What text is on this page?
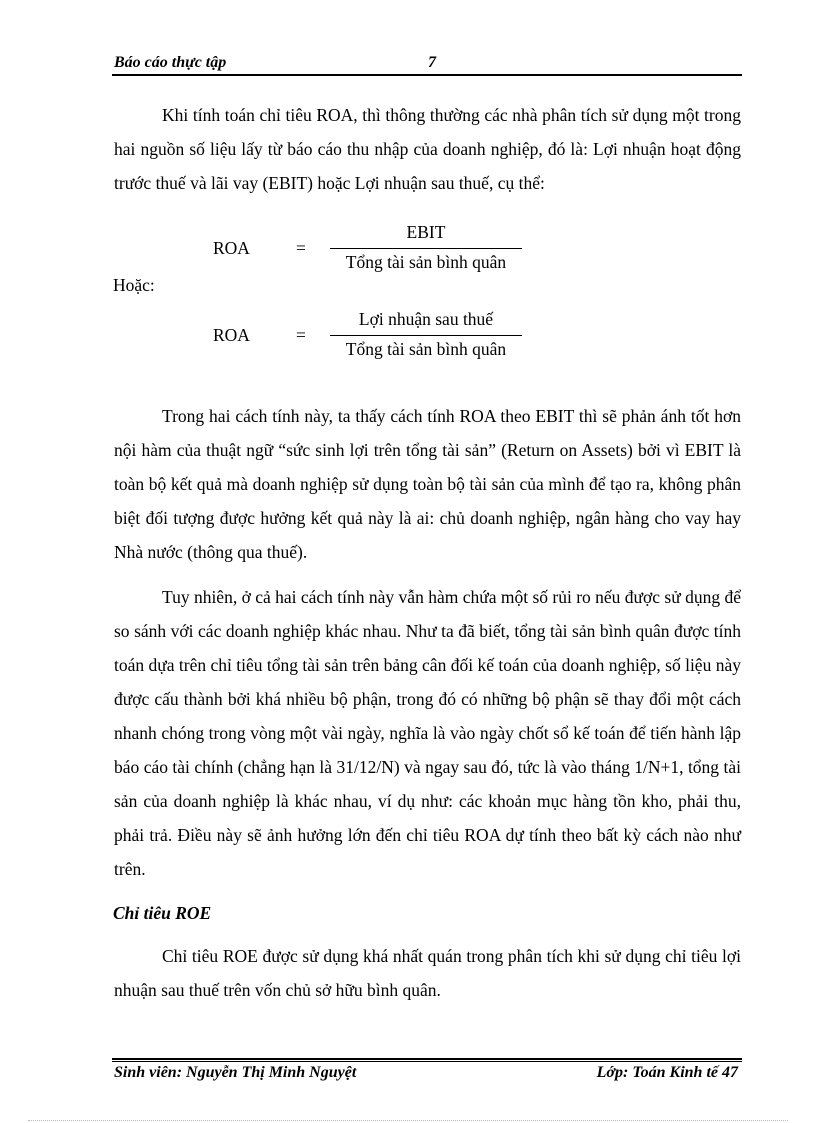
Báo cáo thực tập	7

Khi tính toán chỉ tiêu ROA, thì thông thường các nhà phân tích sử dụng một trong hai nguồn số liệu lấy từ báo cáo thu nhập của doanh nghiệp, đó là: Lợi nhuận hoạt động trước thuế và lãi vay (EBIT) hoặc Lợi nhuận sau thuế, cụ thể:

ROA	=
EBIT
Tổng tài sản bình quân
Hoặc:
ROA	=
Lợi nhuận sau thuế
Tổng tài sản bình quân

Trong hai cách tính này, ta thấy cách tính ROA theo EBIT thì sẽ phản ánh tốt hơn nội hàm của thuật ngữ “sức sinh lợi trên tổng tài sản” (Return on Assets) bởi vì EBIT là toàn bộ kết quả mà doanh nghiệp sử dụng toàn bộ tài sản của mình để tạo ra, không phân biệt đối tượng được hưởng kết quả này là ai: chủ doanh nghiệp, ngân hàng cho vay hay Nhà nước (thông qua thuế).

Tuy nhiên, ở cả hai cách tính này vẫn hàm chứa một số rủi ro nếu được sử dụng để so sánh với các doanh nghiệp khác nhau. Như ta đã biết, tổng tài sản bình quân được tính toán dựa trên chỉ tiêu tổng tài sản trên bảng cân đối kế toán của doanh nghiệp, số liệu này được cấu thành bởi khá nhiều bộ phận, trong đó có những bộ phận sẽ thay đổi một cách nhanh chóng trong vòng một vài ngày, nghĩa là vào ngày chốt sổ kế toán để tiến hành lập báo cáo tài chính (chẳng hạn là 31/12/N) và ngay sau đó, tức là vào tháng 1/N+1, tổng tài sản của doanh nghiệp là khác nhau, ví dụ như: các khoản mục hàng tồn kho, phải thu, phải trả. Điều này sẽ ảnh hưởng lớn đến chỉ tiêu ROA dự tính theo bất kỳ cách nào như trên.

Chỉ tiêu ROE

Chỉ tiêu ROE được sử dụng khá nhất quán trong phân tích khi sử dụng chỉ tiêu lợi nhuận sau thuế trên vốn chủ sở hữu bình quân.

Sinh viên: Nguyễn Thị Minh Nguyệt	Lớp: Toán Kinh tế 47
